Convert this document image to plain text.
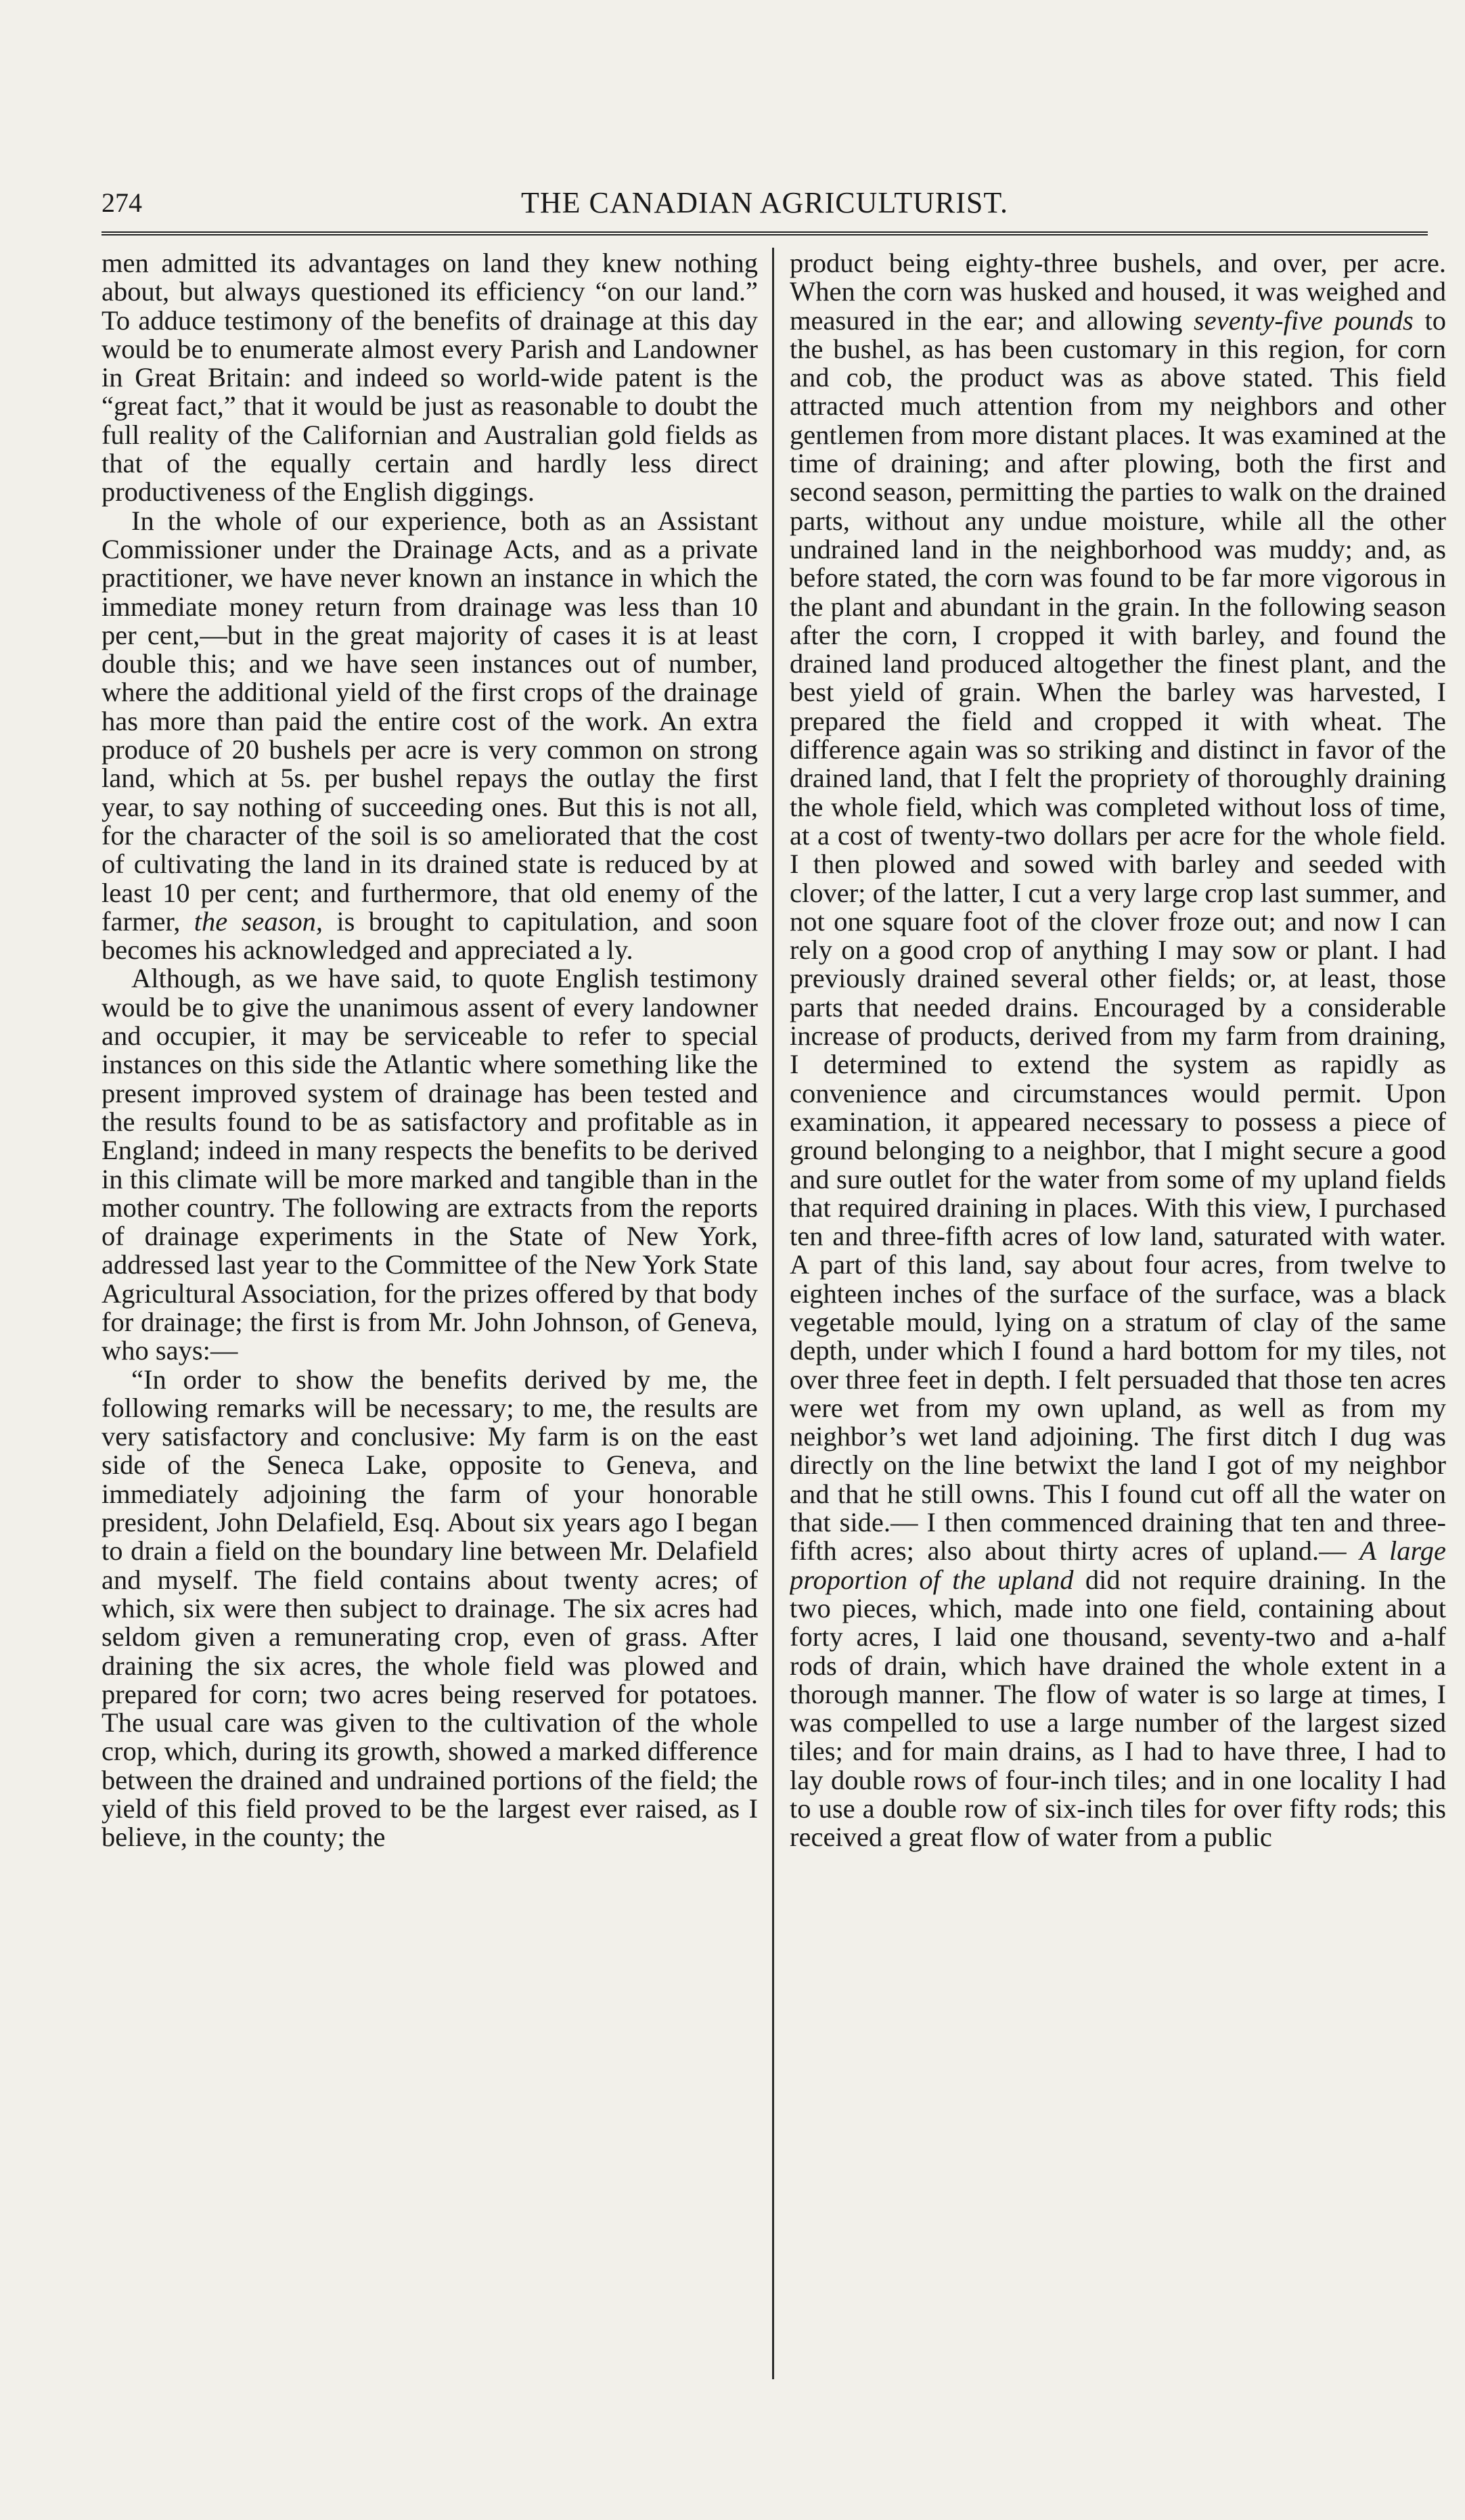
274	THE CANADIAN AGRICULTURIST.

men admitted its advantages on land they knew nothing about, but always questioned its efficiency “on our land.” To adduce testimony of the benefits of drainage at this day would be to enumerate almost every Parish and Landowner in Great Britain: and indeed so world-wide patent is the “great fact,” that it would be just as reasonable to doubt the full reality of the Californian and Australian gold fields as that of the equally certain and hardly less direct productiveness of the English diggings.

In the whole of our experience, both as an Assistant Commissioner under the Drainage Acts, and as a private practitioner, we have never known an instance in which the immediate money return from drainage was less than 10 per cent,—but in the great majority of cases it is at least double this; and we have seen instances out of number, where the additional yield of the first crops of the drainage has more than paid the entire cost of the work. An extra produce of 20 bushels per acre is very common on strong land, which at 5s. per bushel repays the outlay the first year, to say nothing of succeeding ones. But this is not all, for the character of the soil is so ameliorated that the cost of cultivating the land in its drained state is reduced by at least 10 per cent; and furthermore, that old enemy of the farmer, the season, is brought to capitulation, and soon becomes his acknowledged and appreciated a ly.

Although, as we have said, to quote English testimony would be to give the unanimous assent of every landowner and occupier, it may be serviceable to refer to special instances on this side the Atlantic where something like the present improved system of drainage has been tested and the results found to be as satisfactory and profitable as in England; indeed in many respects the benefits to be derived in this climate will be more marked and tangible than in the mother country. The following are extracts from the reports of drainage experiments in the State of New York, addressed last year to the Committee of the New York State Agricultural Association, for the prizes offered by that body for drainage; the first is from Mr. John Johnson, of Geneva, who says:—

“In order to show the benefits derived by me, the following remarks will be necessary; to me, the results are very satisfactory and conclusive: My farm is on the east side of the Seneca Lake, opposite to Geneva, and immediately adjoining the farm of your honorable president, John Delafield, Esq. About six years ago I began to drain a field on the boundary line between Mr. Delafield and myself. The field contains about twenty acres; of which, six were then subject to drainage. The six acres had seldom given a remunerating crop, even of grass. After draining the six acres, the whole field was plowed and prepared for corn; two acres being reserved for potatoes. The usual care was given to the cultivation of the whole crop, which, during its growth, showed a marked difference between the drained and undrained portions of the field; the yield of this field proved to be the largest ever raised, as I believe, in the county; the

product being eighty-three bushels, and over, per acre. When the corn was husked and housed, it was weighed and measured in the ear; and allowing seventy-five pounds to the bushel, as has been customary in this region, for corn and cob, the product was as above stated. This field attracted much attention from my neighbors and other gentlemen from more distant places. It was examined at the time of draining; and after plowing, both the first and second season, permitting the parties to walk on the drained parts, without any undue moisture, while all the other undrained land in the neighborhood was muddy; and, as before stated, the corn was found to be far more vigorous in the plant and abundant in the grain. In the following season after the corn, I cropped it with barley, and found the drained land produced altogether the finest plant, and the best yield of grain. When the barley was harvested, I prepared the field and cropped it with wheat. The difference again was so striking and distinct in favor of the drained land, that I felt the propriety of thoroughly draining the whole field, which was completed without loss of time, at a cost of twenty-two dollars per acre for the whole field. I then plowed and sowed with barley and seeded with clover; of the latter, I cut a very large crop last summer, and not one square foot of the clover froze out; and now I can rely on a good crop of anything I may sow or plant. I had previously drained several other fields; or, at least, those parts that needed drains. Encouraged by a considerable increase of products, derived from my farm from draining, I determined to extend the system as rapidly as convenience and circumstances would permit. Upon examination, it appeared necessary to possess a piece of ground belonging to a neighbor, that I might secure a good and sure outlet for the water from some of my upland fields that required draining in places. With this view, I purchased ten and three-fifth acres of low land, saturated with water. A part of this land, say about four acres, from twelve to eighteen inches of the surface of the surface, was a black vegetable mould, lying on a stratum of clay of the same depth, under which I found a hard bottom for my tiles, not over three feet in depth. I felt persuaded that those ten acres were wet from my own upland, as well as from my neighbor’s wet land adjoining. The first ditch I dug was directly on the line betwixt the land I got of my neighbor and that he still owns. This I found cut off all the water on that side.— I then commenced draining that ten and three-fifth acres; also about thirty acres of upland.— A large proportion of the upland did not require draining. In the two pieces, which, made into one field, containing about forty acres, I laid one thousand, seventy-two and a-half rods of drain, which have drained the whole extent in a thorough manner. The flow of water is so large at times, I was compelled to use a large number of the largest sized tiles; and for main drains, as I had to have three, I had to lay double rows of four-inch tiles; and in one locality I had to use a double row of six-inch tiles for over fifty rods; this received a great flow of water from a public
